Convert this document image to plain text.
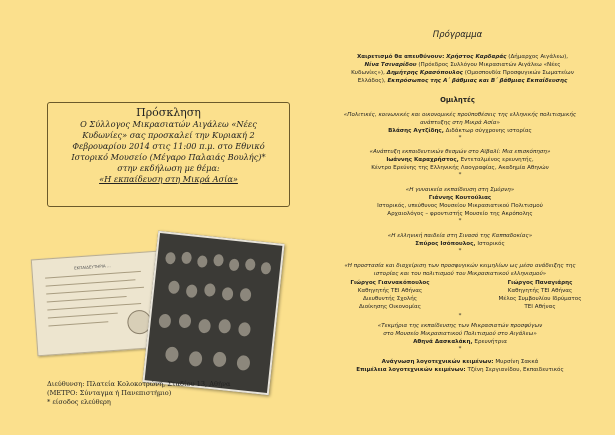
Πρόσκληση
Ο Σύλλογος Μικρασιατών Αιγάλεω «Νέες
Κυδωνίες» σας προσκαλεί την Κυριακή 2
Φεβρουαρίου 2014 στις 11:00 π.μ. στο Εθνικό
Ιστορικό Μουσείο (Μέγαρο Παλαιάς Βουλής)*
στην εκδήλωση με θέμα:
«Η εκπαίδευση στη Μικρά Ασία»
ΕΚΠΑΙΔΕΥΤΗΡΙΑ ...
Διεύθυνση: Πλατεία Κολοκοτρώνη, Σταδίου 13, Αθήνα
(ΜΕΤΡΟ: Σύνταγμα ή Πανεπιστήμιο)
* είσοδος ελεύθερη
Πρόγραμμα
Χαιρετισμό θα απευθύνουν: Χρήστος Καρδαράς (Δήμαρχος Αιγάλεω),
Νίνα Τσιναρίδου (Πρόεδρος Συλλόγου Μικρασιατών Αιγάλεω «Νέες
Κυδωνίες»), Δημήτρης Κρασόπουλος (Ομοσπονδία Προσφυγικών Σωματείων
Ελλάδος), Εκπρόσωπος της Α΄ βάθμιας και Β΄ βάθμιας Εκπαίδευσης
Ομιλητές
«Πολιτικές, κοινωνικές και οικονομικές προϋποθέσεις της ελληνικής πολιτισμικής
ανάπτυξης στη Μικρά Ασία»
Βλάσης Αγτζίδης, Διδάκτωρ σύγχρονης ιστορίας
*
«Ανάπτυξη εκπαιδευτικών θεσμών στο Αϊβαλί: Μια επισκόπηση»
Ιωάννης Καραχρήστος, Εντεταλμένος ερευνητής,
Κέντρο Ερεύνης της Ελληνικής Λαογραφίας, Ακαδημία Αθηνών
*
«Η γυναικεία εκπαίδευση στη Σμύρνη»
Γιάννης Κουτούλιας
Ιστορικός, υπεύθυνος Μουσείου Μικρασιατικού Πολιτισμού
Αρχαιολόγος – φροντιστής Μουσείο της Ακρόπολης
*
«Η ελληνική παιδεία στη Σινασό της Καππαδοκίας»
Σπύρος Ισόπουλος, Ιστορικός
*
«Η προστασία και διαχείριση των προσφυγικών κειμηλίων ως μέσο ανάδειξης της
ιστορίας και του πολιτισμού του Μικρασιατικού ελληνισμού»
Γιώργος Γιαννακόπουλος
Καθηγητής ΤΕΙ Αθήνας
Διευθυντής Σχολής
Διοίκησης Οικονομίας
Γιώργος Παναγιάρης
Καθηγητής ΤΕΙ Αθήνας
Μέλος Συμβουλίου Ιδρύματος
ΤΕΙ Αθήνας
*
«Τεκμήρια της εκπαίδευσης των Μικρασιατών προσφύγων
στο Μουσείο Μικρασιατικού Πολιτισμού στο Αιγάλεω»
Αθηνά Δασκαλάκη, Ερευνήτρια
*
Ανάγνωση λογοτεχνικών κειμένων: Μυρσίνη Σακκά
Επιμέλεια λογοτεχνικών κειμένων: Τζένη Σεργιανίδου, Εκπαιδευτικός
